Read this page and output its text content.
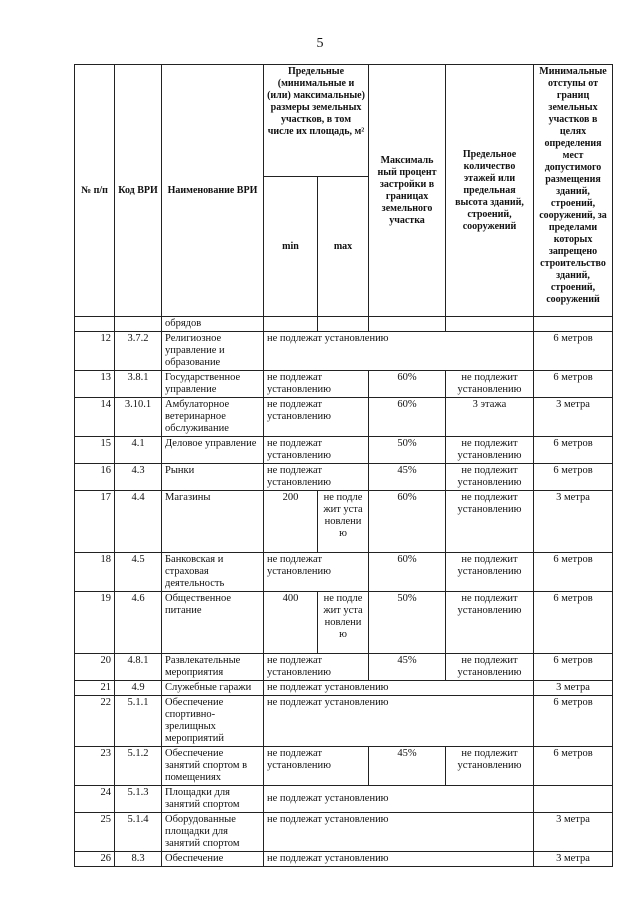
5
№ п/п	Код ВРИ	Наименование ВРИ	Предельные (минимальные и (или) максимальные) размеры земельных участков, в том числе их площадь, м²		Максималь ный процент застройки в границах земельного участка	Предельное количество этажей или предельная высота зданий, строений, сооружений	Минимальные отступы от границ земельных участков в целях определения мест допустимого размещения зданий, строений, сооружений, за пределами которых запрещено строительство зданий, строений, сооружений
			min	max			
		обрядов					
12	3.7.2	Религиозное управление и образование	не подлежат установлению				6 метров
13	3.8.1	Государственное управление	не подлежат установлению		60%	не подлежит установлению	6 метров
14	3.10.1	Амбулаторное ветеринарное обслуживание	не подлежат установлению		60%	3 этажа	3 метра
15	4.1	Деловое управление	не подлежат установлению		50%	не подлежит установлению	6 метров
16	4.3	Рынки	не подлежат установлению		45%	не подлежит установлению	6 метров
17	4.4	Магазины	200	не подлежит установлению	60%	не подлежит установлению	3 метра
18	4.5	Банковская и страховая деятельность	не подлежат установлению		60%	не подлежит установлению	6 метров
19	4.6	Общественное питание	400	не подлежит установлению	50%	не подлежит установлению	6 метров
20	4.8.1	Развлекательные мероприятия	не подлежат установлению		45%	не подлежит установлению	6 метров
21	4.9	Служебные гаражи	не подлежат установлению				3 метра
22	5.1.1	Обеспечение спортивно-зрелищных мероприятий	не подлежат установлению				6 метров
23	5.1.2	Обеспечение занятий спортом в помещениях	не подлежат установлению		45%	не подлежит установлению	6 метров
24	5.1.3	Площадки для занятий спортом	не подлежат установлению				
25	5.1.4	Оборудованные площадки для занятий спортом	не подлежат установлению				3 метра
26	8.3	Обеспечение	не подлежат установлению				3 метра
